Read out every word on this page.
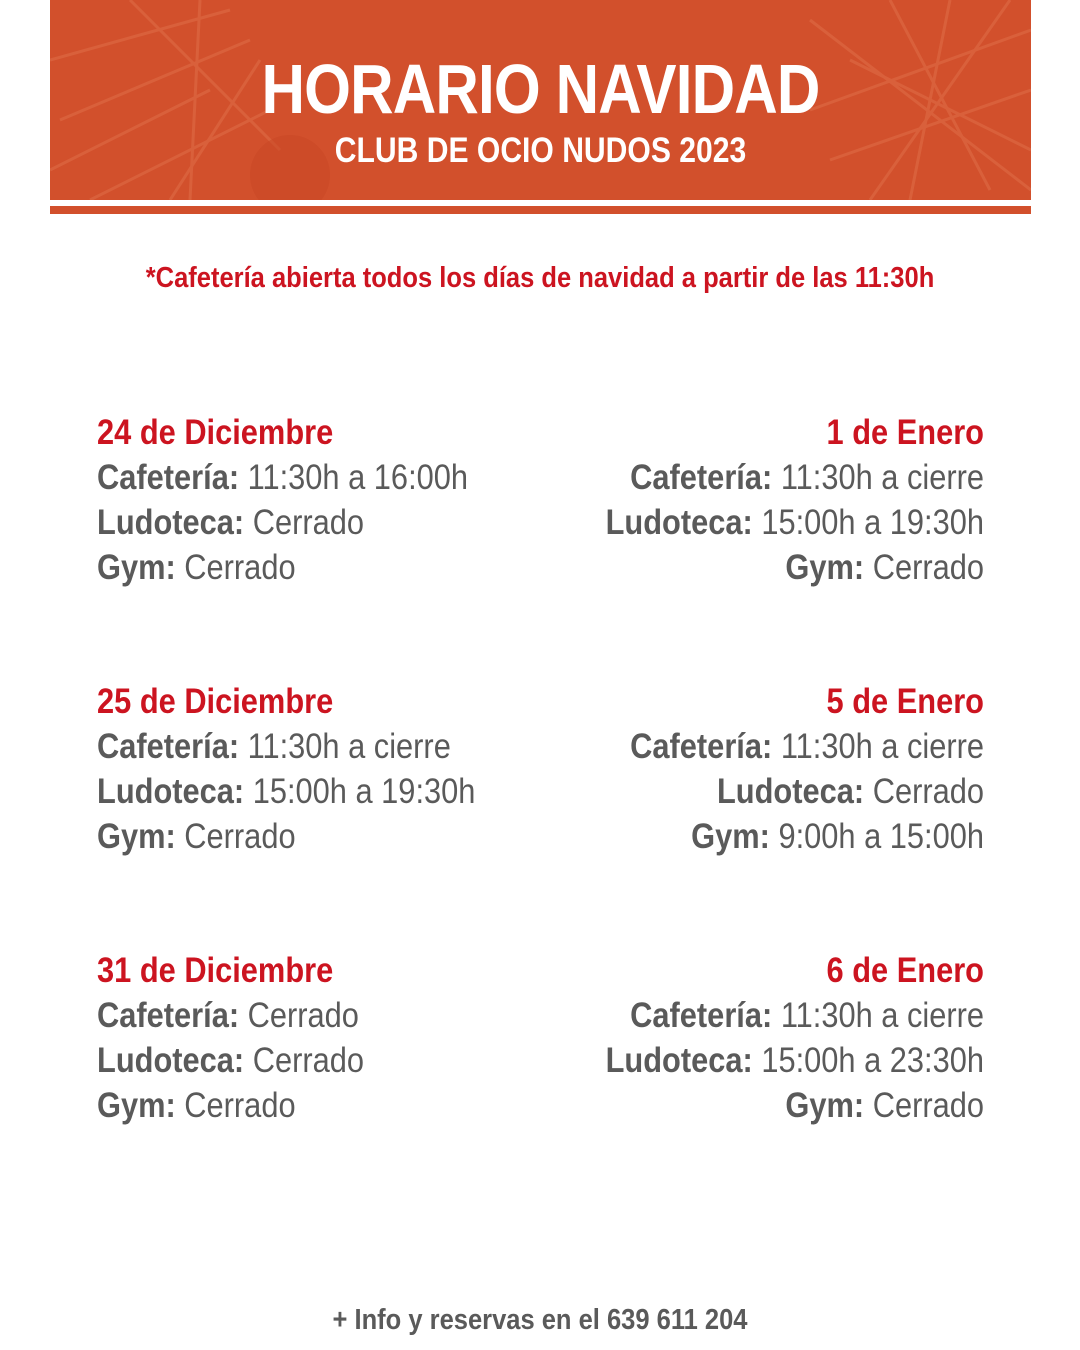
HORARIO NAVIDAD
CLUB DE OCIO NUDOS 2023
*Cafetería abierta todos los días de navidad a partir de las 11:30h
24 de Diciembre
Cafetería: 11:30h a 16:00h
Ludoteca: Cerrado
Gym: Cerrado
1 de Enero
Cafetería: 11:30h a cierre
Ludoteca: 15:00h a 19:30h
Gym: Cerrado
25 de Diciembre
Cafetería: 11:30h a cierre
Ludoteca: 15:00h a 19:30h
Gym: Cerrado
5 de Enero
Cafetería: 11:30h a cierre
Ludoteca: Cerrado
Gym: 9:00h a 15:00h
31 de Diciembre
Cafetería: Cerrado
Ludoteca: Cerrado
Gym: Cerrado
6 de Enero
Cafetería: 11:30h a cierre
Ludoteca: 15:00h a 23:30h
Gym: Cerrado
+ Info y reservas en el 639 611 204
